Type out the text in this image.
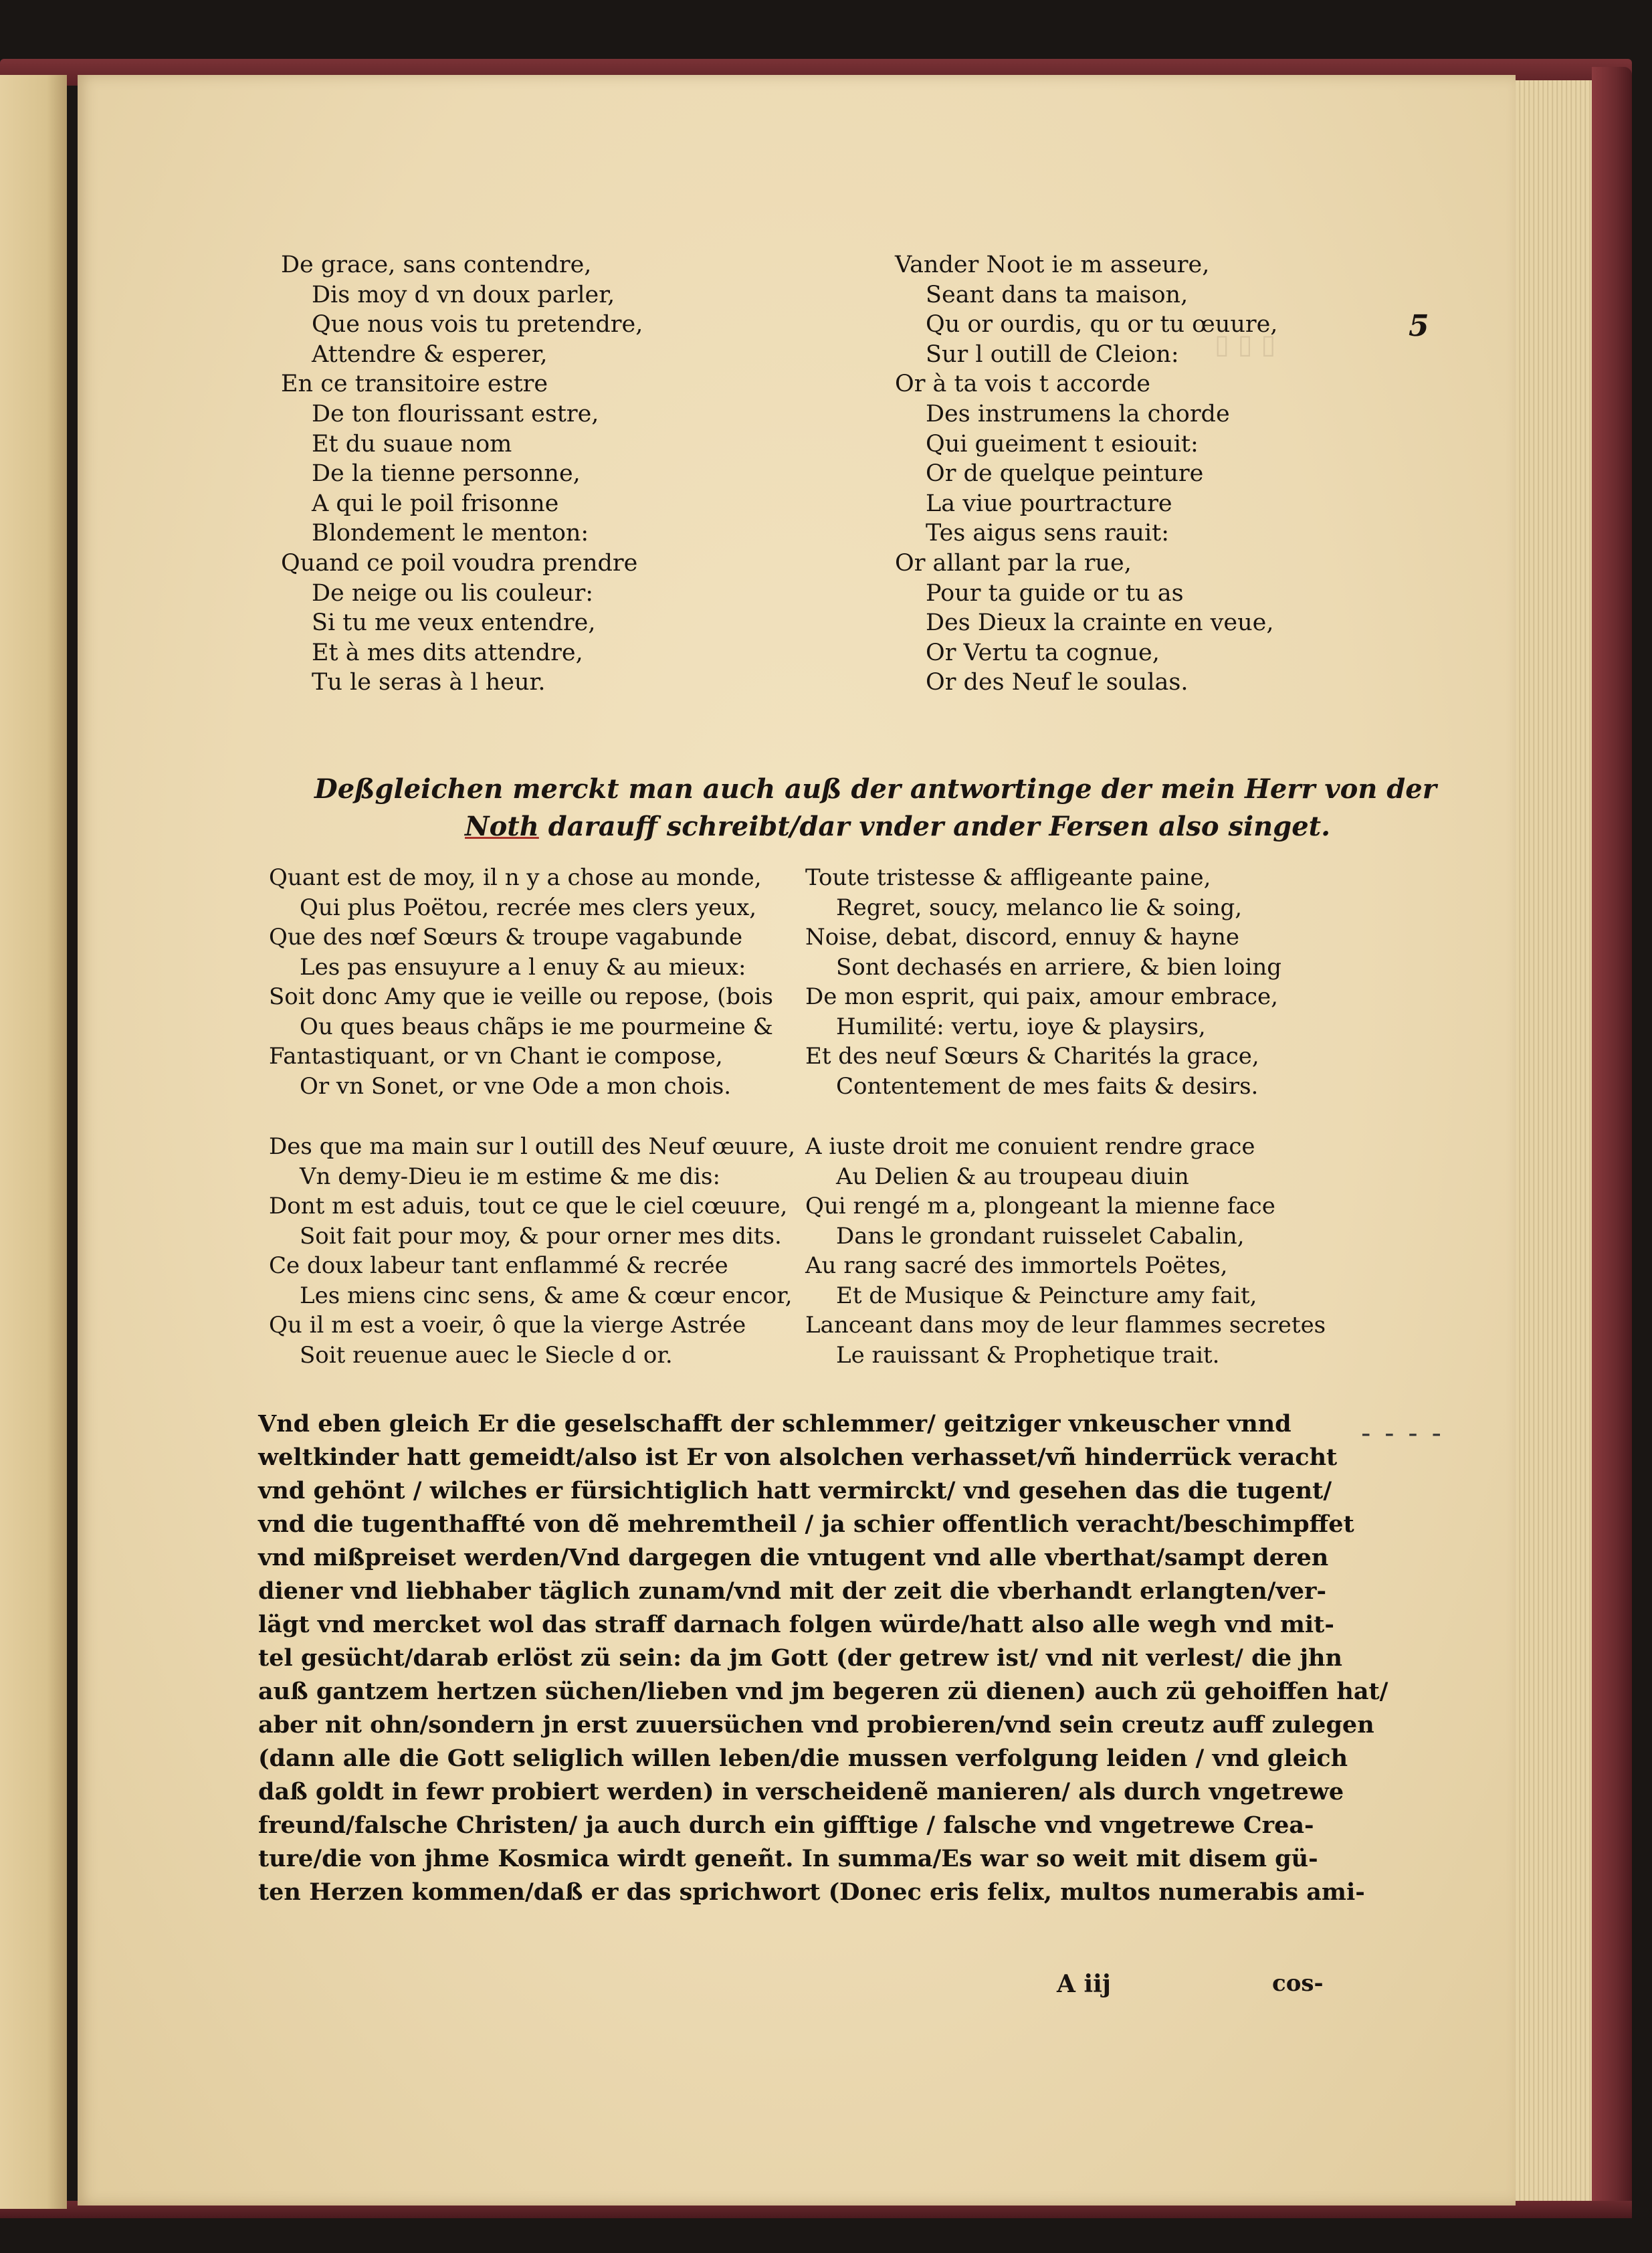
▯ ▯ ▯
5
De grace, sans contendre,
Dis moy d vn doux parler,
Que nous vois tu pretendre,
Attendre & esperer,
En ce transitoire estre
De ton flourissant estre,
Et du suaue nom
De la tienne personne,
A qui le poil frisonne
Blondement le menton:
Quand ce poil voudra prendre
De neige ou lis couleur:
Si tu me veux entendre,
Et à mes dits attendre,
Tu le seras à l heur.
Vander Noot ie m asseure,
Seant dans ta maison,
Qu or ourdis, qu or tu œuure,
Sur l outill de Cleion:
Or à ta vois t accorde
Des instrumens la chorde
Qui gueiment t esiouit:
Or de quelque peinture
La viue pourtracture
Tes aigus sens rauit:
Or allant par la rue,
Pour ta guide or tu as
Des Dieux la crainte en veue,
Or Vertu ta cognue,
Or des Neuf le soulas.
Deßgleichen merckt man auch auß der antwortinge der mein Herr von der
Noth darauff schreibt/dar vnder ander Fersen also singet.
Quant est de moy, il n y a chose au monde,
Qui plus Poëtou, recrée mes clers yeux,
Que des nœf Sœurs & troupe vagabunde
Les pas ensuyure a l enuy & au mieux:
Soit donc Amy que ie veille ou repose, (bois
Ou ques beaus chãps ie me pourmeine &
Fantastiquant, or vn Chant ie compose,
Or vn Sonet, or vne Ode a mon chois.
Toute tristesse & affligeante paine,
Regret, soucy, melanco lie & soing,
Noise, debat, discord, ennuy & hayne
Sont dechasés en arriere, & bien loing
De mon esprit, qui paix, amour embrace,
Humilité: vertu, ioye & playsirs,
Et des neuf Sœurs & Charités la grace,
Contentement de mes faits & desirs.
Des que ma main sur l outill des Neuf œuure,
Vn demy-Dieu ie m estime & me dis:
Dont m est aduis, tout ce que le ciel cœuure,
Soit fait pour moy, & pour orner mes dits.
Ce doux labeur tant enflammé & recrée
Les miens cinc sens, & ame & cœur encor,
Qu il m est a voeir, ô que la vierge Astrée
Soit reuenue auec le Siecle d or.
A iuste droit me conuient rendre grace
Au Delien & au troupeau diuin
Qui rengé m a, plongeant la mienne face
Dans le grondant ruisselet Cabalin,
Au rang sacré des immortels Poëtes,
Et de Musique & Peincture amy fait,
Lanceant dans moy de leur flammes secretes
Le rauissant & Prophetique trait.
Vnd eben gleich Er die geselschafft der schlemmer/ geitziger vnkeuscher vnnd
weltkinder hatt gemeidt/also ist Er von alsolchen verhasset/vñ hinderrück veracht
vnd gehönt / wilches er fürsichtiglich hatt vermirckt/ vnd gesehen das die tugent/
vnd die tugenthaffté von dẽ mehremtheil / ja schier offentlich veracht/beschimpffet
vnd mißpreiset werden/Vnd dargegen die vntugent vnd alle vberthat/sampt deren
diener vnd liebhaber täglich zunam/vnd mit der zeit die vberhandt erlangten/ver-
lägt vnd mercket wol das straff darnach folgen würde/hatt also alle wegh vnd mit-
tel gesücht/darab erlöst zü sein: da jm Gott (der getrew ist/ vnd nit verlest/ die jhn
auß gantzem hertzen süchen/lieben vnd jm begeren zü dienen) auch zü gehoiffen hat/
aber nit ohn/sondern jn erst zuuersüchen vnd probieren/vnd sein creutz auff zulegen
(dann alle die Gott seliglich willen leben/die mussen verfolgung leiden / vnd gleich
daß goldt in fewr probiert werden) in verscheidenẽ manieren/ als durch vngetrewe
freund/falsche Christen/ ja auch durch ein gifftige / falsche vnd vngetrewe Crea-
ture/die von jhme Kosmica wirdt geneñt. In summa/Es war so weit mit disem gü-
ten Herzen kommen/daß er das sprichwort (Donec eris felix, multos numerabis ami-
A iij	cos-
- - - -
